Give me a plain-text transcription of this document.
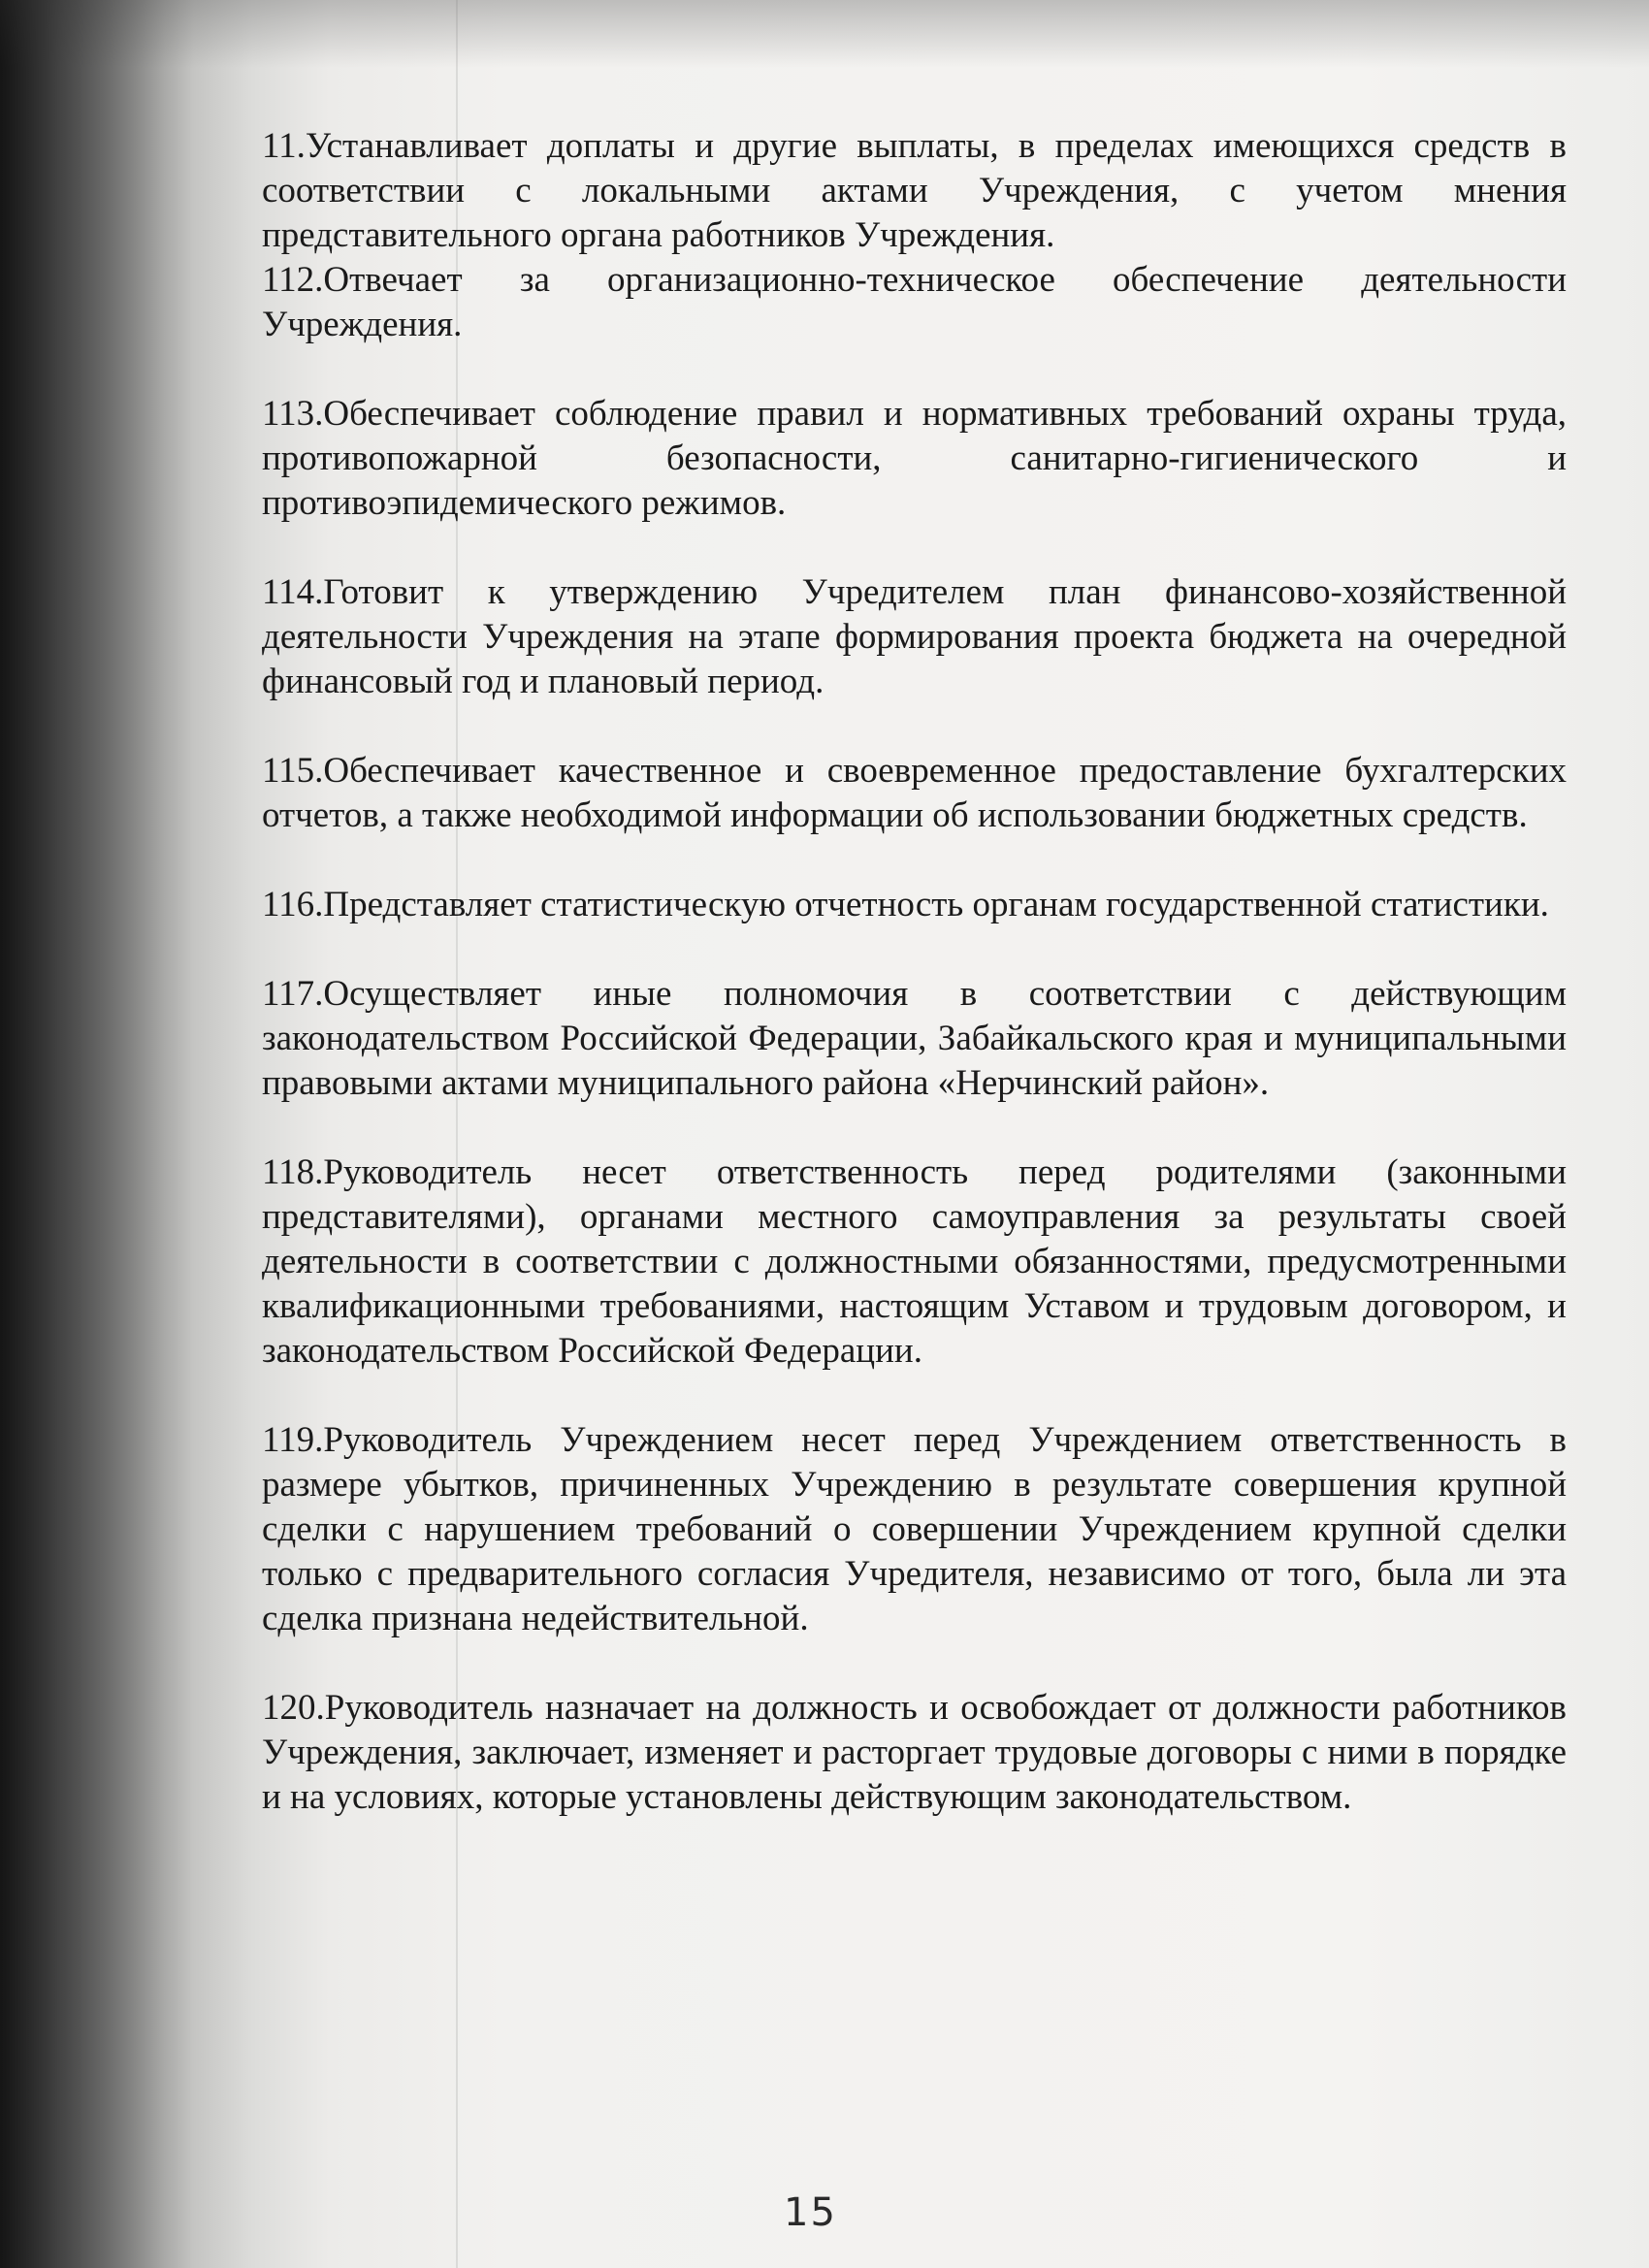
11.Устанавливает доплаты и другие выплаты, в пределах имеющихся средств в соответствии с локальными актами Учреждения, с учетом мнения представительного органа работников Учреждения.

112.Отвечает за организационно-техническое обеспечение деятельности Учреждения.

113.Обеспечивает соблюдение правил и нормативных требований охраны труда, противопожарной безопасности, санитарно-гигиенического и противоэпидемического режимов.

114.Готовит к утверждению Учредителем план финансово-хозяйственной деятельности Учреждения на этапе формирования проекта бюджета на очередной финансовый год и плановый период.

115.Обеспечивает качественное и своевременное предоставление бухгалтерских отчетов, а также необходимой информации об использовании бюджетных средств.

116.Представляет статистическую отчетность органам государственной статистики.

117.Осуществляет иные полномочия в соответствии с действующим законодательством Российской Федерации, Забайкальского края и муниципальными правовыми актами муниципального района «Нерчинский район».

118.Руководитель несет ответственность перед родителями (законными представителями), органами местного самоуправления за результаты своей деятельности в соответствии с должностными обязанностями, предусмотренными квалификационными требованиями, настоящим Уставом и трудовым договором, и законодательством Российской Федерации.

119.Руководитель Учреждением несет перед Учреждением ответственность в размере убытков, причиненных Учреждению в результате совершения крупной сделки с нарушением требований о совершении Учреждением крупной сделки только с предварительного согласия Учредителя, независимо от того, была ли эта сделка признана недействительной.

120.Руководитель назначает на должность и освобождает от должности работников Учреждения, заключает, изменяет и расторгает трудовые договоры с ними в порядке и на условиях, которые установлены действующим законодательством.

15
